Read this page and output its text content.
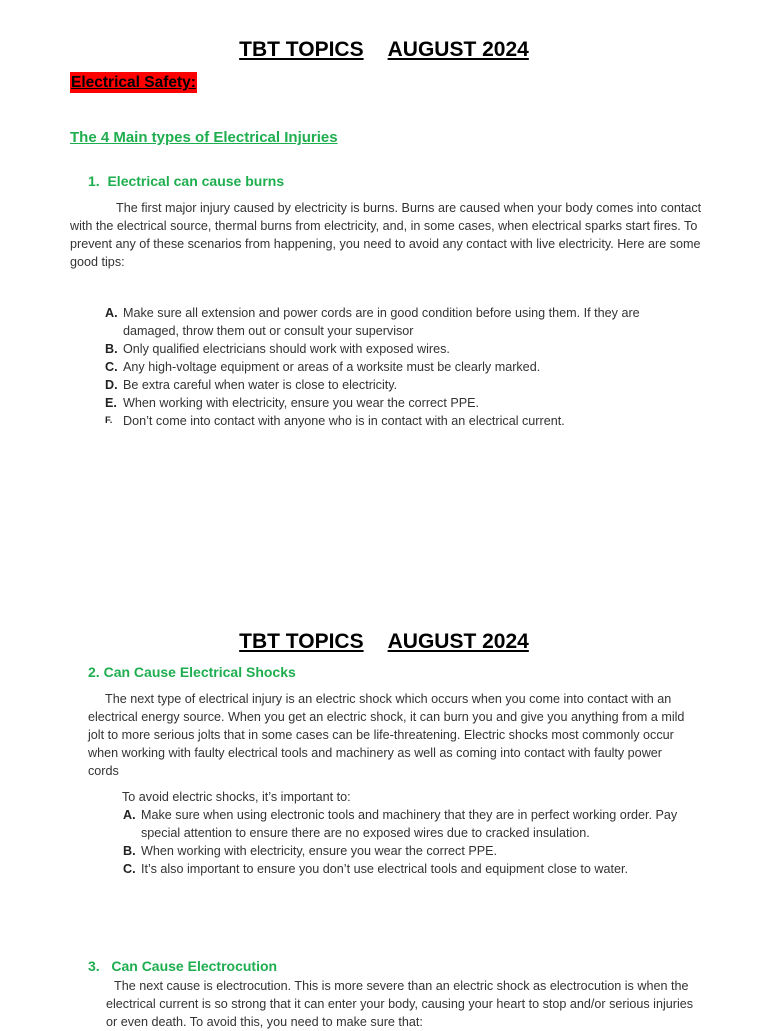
TBT TOPICS AUGUST 2024
Electrical Safety:
The 4 Main types of Electrical Injuries
1. Electrical can cause burns
The first major injury caused by electricity is burns. Burns are caused when your body comes into contact with the electrical source, thermal burns from electricity, and, in some cases, when electrical sparks start fires. To prevent any of these scenarios from happening, you need to avoid any contact with live electricity. Here are some good tips:
A. Make sure all extension and power cords are in good condition before using them. If they are damaged, throw them out or consult your supervisor
B. Only qualified electricians should work with exposed wires.
C. Any high-voltage equipment or areas of a worksite must be clearly marked.
D. Be extra careful when water is close to electricity.
E. When working with electricity, ensure you wear the correct PPE.
F. Don’t come into contact with anyone who is in contact with an electrical current.
TBT TOPICS AUGUST 2024
2. Can Cause Electrical Shocks
The next type of electrical injury is an electric shock which occurs when you come into contact with an electrical energy source. When you get an electric shock, it can burn you and give you anything from a mild jolt to more serious jolts that in some cases can be life-threatening. Electric shocks most commonly occur when working with faulty electrical tools and machinery as well as coming into contact with faulty power cords
To avoid electric shocks, it’s important to:
A. Make sure when using electronic tools and machinery that they are in perfect working order. Pay special attention to ensure there are no exposed wires due to cracked insulation.
B. When working with electricity, ensure you wear the correct PPE.
C. It’s also important to ensure you don’t use electrical tools and equipment close to water.
3. Can Cause Electrocution
The next cause is electrocution. This is more severe than an electric shock as electrocution is when the electrical current is so strong that it can enter your body, causing your heart to stop and/or serious injuries or even death. To avoid this, you need to make sure that:
